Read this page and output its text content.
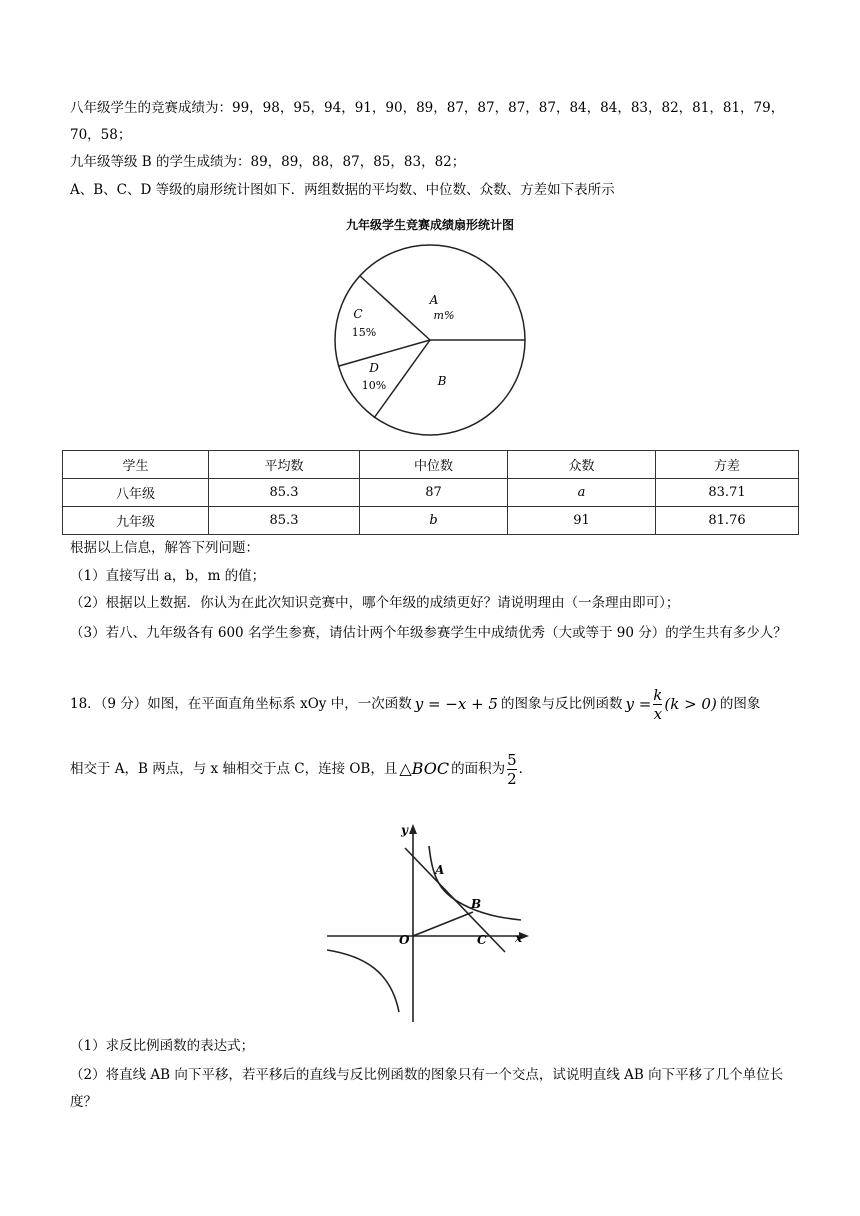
八年级学生的竞赛成绩为：99，98，95，94，91，90，89，87，87，87，87，84，84，83，82，81，81，79，
70，58；
九年级等级 B 的学生成绩为：89，89，88，87，85，83，82；
A、B、C、D 等级的扇形统计图如下．两组数据的平均数、中位数、众数、方差如下表所示
九年级学生竞赛成绩扇形统计图
A
m%
B
C
15%
D
10%
学生	平均数	中位数	众数	方差
八年级	85.3	87	a	83.71
九年级	85.3	b	91	81.76
根据以上信息，解答下列问题：
（1）直接写出 a，b，m 的值；
（2）根据以上数据．你认为在此次知识竞赛中，哪个年级的成绩更好？请说明理由（一条理由即可）；
（3）若八、九年级各有 600 名学生参赛，请估计两个年级参赛学生中成绩优秀（大或等于 90 分）的学生共有多少人？
18．（9 分）如图，在平面直角坐标系 xOy 中，一次函数 y = −x + 5 的图象与反比例函数 $y = \frac{k}{x} (k > 0)$ 的图象
相交于 A，B 两点，与 x 轴相交于点 C，连接 OB，且 △BOC 的面积为 $\frac{5}{2}$ ．
y
x
O
A
B
C
（1）求反比例函数的表达式；
（2）将直线 AB 向下平移，若平移后的直线与反比例函数的图象只有一个交点，试说明直线 AB 向下平移了几个单位长度？
